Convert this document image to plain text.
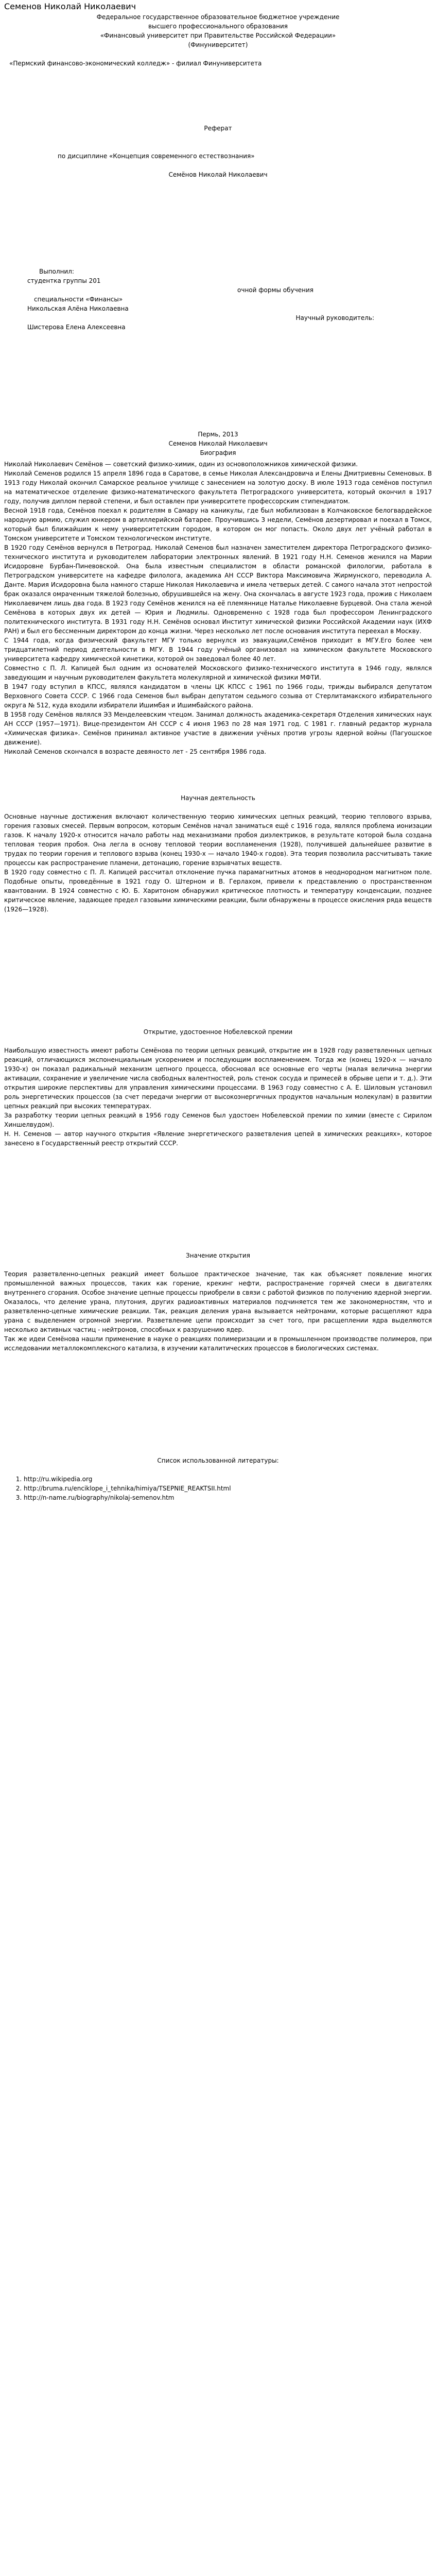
Семенов Николай Николаевич

Федеральное государственное образовательное бюджетное учреждение

высшего профессионального образования

«Финансовый университет при Правительстве Российской Федерации»

(Финуниверситет)

«Пермский финансово-экономический колледж» - филиал Финуниверситета

Реферат

по дисциплине «Концепция современного естествознания»

Семёнов Николай Николаевич

Выполнил:

студентка группы 201

очной формы обучения

специальности «Финансы»

Никольская Алёна Николаевна

Научный руководитель:

Шистерова Елена Алексеевна

Пермь, 2013

Семенов Николай Николаевич

Биография

Николай Николаевич Семёнов — советский физико-химик, один из основоположников химической физики.

Николай Семенов родился 15 апреля 1896 года в Саратове, в семье Николая Александровича и Елены Дмитриевны Семеновых. В 1913 году Николай окончил Самарское реальное училище с занесением на золотую доску. В июле 1913 года семёнов поступил на математическое отделение физико-математического факультета Петроградского университета, который окончил в 1917 году, получив диплом первой степени, и был оставлен при университете профессорским стипендиатом.

Весной 1918 года, Семёнов поехал к родителям в Самару на каникулы, где был мобилизован в Колчаковское белогвардейское народную армию, служил юнкером в артиллерийской батарее. Проучившись 3 недели, Семёнов дезертировал и поехал в Томск, который был ближайшим к нему университетским городом, в котором он мог попасть. Около двух лет учёный работал в Томском университете и Томском технологическом институте.

В 1920 году Семёнов вернулся в Петроград. Николай Семенов был назначен заместителем директора Петроградского физико-технического института и руководителем лаборатории электронных явлений. В 1921 году Н.Н. Семенов женился на Марии Исидоровне Бурбан-Пиневовской. Она была известным специалистом в области романской филологии, работала в Петроградском университете на кафедре филолога, академика АН СССР Виктора Максимовича Жирмунского, переводила А. Данте. Мария Исидоровна была намного старше Николая Николаевича и имела четверых детей. С самого начала этот непростой брак оказался омраченным тяжелой болезнью, обрушившейся на жену. Она скончалась в августе 1923 года, прожив с Николаем Николаевичем лишь два года. В 1923 году Семёнов женился на её племяннице Наталье Николаевне Бурцевой. Она стала женой Семёнова в которых двух их детей — Юрия и Людмилы. Одновременно с 1928 года был профессором Ленинградского политехнического института. В 1931 году Н.Н. Семёнов основал Институт химической физики Российской Академии наук (ИХФ РАН) и был его бессменным директором до конца жизни. Через несколько лет после основания института переехал в Москву.

С 1944 года, когда физический факультет МГУ только вернулся из эвакуации,Семёнов приходит в МГУ.Его более чем тридцатилетний период деятельности в МГУ. В 1944 году учёный организовал на химическом факультете Московского университета кафедру химической кинетики, которой он заведовал более 40 лет.

Совместно с П. Л. Капицей был одним из основателей Московского физико-технического института в 1946 году, являлся заведующим и научным руководителем факультета молекулярной и химической физики МФТИ.

В 1947 году вступил в КПСС, являлся кандидатом в члены ЦК КПСС с 1961 по 1966 годы, трижды выбирался депутатом Верховного Совета СССР. С 1966 года Семенов был выбран депутатом седьмого созыва от Стерлитамакского избирательного округа № 512, куда входили избиратели Ишимбая и Ишимбайского района.

В 1958 году Семёнов являлся ЭЗ Менделеевским чтецом. Занимал должность академика-секретаря Отделения химических наук АН СССР (1957—1971). Вице-президентом АН СССР с 4 июня 1963 по 28 мая 1971 год. С 1981 г. главный редактор журнала «Химическая физика». Семёнов принимал активное участие в движении учёных против угрозы ядерной войны (Пагуошское движение).

Николай Семенов скончался в возрасте девяносто лет - 25 сентября 1986 года.

Научная деятельность

Основные научные достижения включают количественную теорию химических цепных реакций, теорию теплового взрыва, горения газовых смесей. Первым вопросом, которым Семёнов начал заниматься ещё с 1916 года, являлся проблема ионизации газов. К началу 1920-х относится начало работы над механизмами пробоя диэлектриков, в результате которой была создана тепловая теория пробоя. Она легла в основу тепловой теории воспламенения (1928), получившей дальнейшее развитие в трудах по теории горения и теплового взрыва (конец 1930-х — начало 1940-х годов). Эта теория позволила рассчитывать такие процессы как распространение пламени, детонацию, горение взрывчатых веществ.

В 1920 году совместно с П. Л. Капицей рассчитал отклонение пучка парамагнитных атомов в неоднородном магнитном поле. Подобные опыты, проведённые в 1921 году О. Штерном и В. Герлахом, привели к представлению о пространственном квантовании. В 1924 совместно с Ю. Б. Харитоном обнаружил критическое плотность и температуру конденсации, позднее критическое явление, задающее предел газовыми химическими реакции, были обнаружены в процессе окисления ряда веществ (1926—1928).

Открытие, удостоенное Нобелевской премии

Наибольшую известность имеют работы Семёнова по теории цепных реакций, открытие им в 1928 году разветвленных цепных реакций, отличающихся экспоненциальным ускорением и последующим воспламенением. Тогда же (конец 1920-х — начало 1930-х) он показал радикальный механизм цепного процесса, обосновал все основные его черты (малая величина энергии активации, сохранение и увеличение числа свободных валентностей, роль стенок сосуда и примесей в обрыве цепи и т. д.). Эти открытия широкие перспективы для управления химическими процессами. В 1963 году совместно с А. Е. Шиловым установил роль энергетических процессов (за счет передачи энергии от высокоэнергичных продуктов начальным молекулам) в развитии цепных реакций при высоких температурах.

За разработку теории цепных реакций в 1956 году Семенов был удостоен Нобелевской премии по химии (вместе с Сирилом Хиншелвудом).

Н. Н. Семенов — автор научного открытия «Явление энергетического разветвления цепей в химических реакциях», которое занесено в Государственный реестр открытий СССР.

Значение открытия

Теория разветвленно-цепных реакций имеет большое практическое значение, так как объясняет появление многих промышленной важных процессов, таких как горение, крекинг нефти, распространение горячей смеси в двигателях внутреннего сгорания. Особое значение цепные процессы приобрели в связи с работой физиков по получению ядерной энергии. Оказалось, что деление урана, плутония, других радиоактивных материалов подчиняется тем же закономерностям, что и разветвленно-цепные химические реакции. Так, реакция деления урана вызывается нейтронами, которые расщепляют ядра урана с выделением огромной энергии. Разветвление цепи происходит за счет того, при расщеплении ядра выделяются несколько активных частиц - нейтронов, способных к разрушению ядер.

Так же идеи Семёнова нашли применение в науке о реакциях полимеризации и в промышленном производстве полимеров, при исследовании металлокомплексного катализа, в изучении каталитических процессов в биологических системах.

Список использованной литературы:

1. http://ru.wikipedia.org
2. http://bruma.ru/enciklope_i_tehnika/himiya/TSEPNIE_REAKTSII.html
3. http://n-name.ru/biography/nikolaj-semenov.htm
